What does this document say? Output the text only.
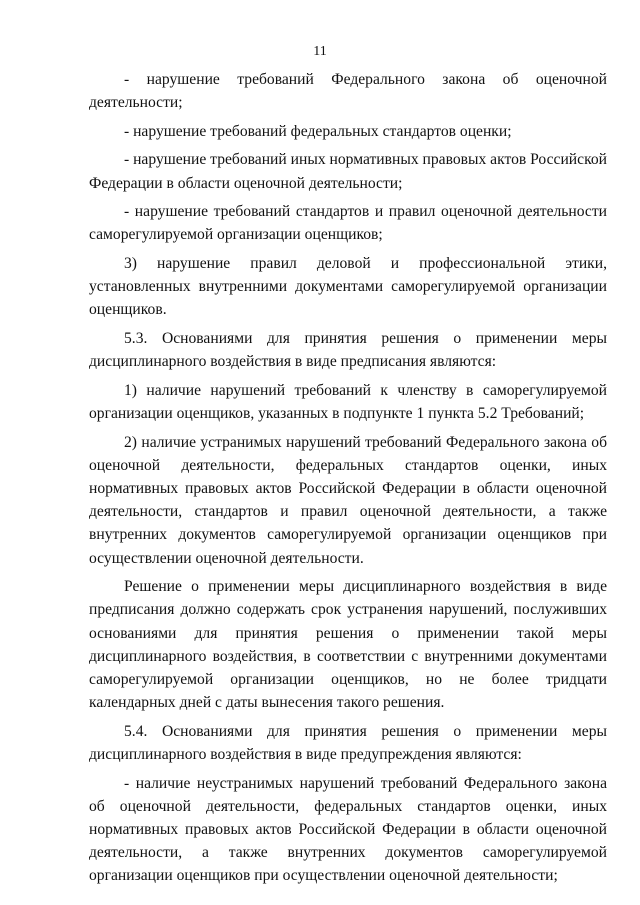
11

- нарушение требований Федерального закона об оценочной деятельности;

- нарушение требований федеральных стандартов оценки;

- нарушение требований иных нормативных правовых актов Российской Федерации в области оценочной деятельности;

- нарушение требований стандартов и правил оценочной деятельности саморегулируемой организации оценщиков;

3) нарушение правил деловой и профессиональной этики, установленных внутренними документами саморегулируемой организации оценщиков.

5.3. Основаниями для принятия решения о применении меры дисциплинарного воздействия в виде предписания являются:

1) наличие нарушений требований к членству в саморегулируемой организации оценщиков, указанных в подпункте 1 пункта 5.2 Требований;

2) наличие устранимых нарушений требований Федерального закона об оценочной деятельности, федеральных стандартов оценки, иных нормативных правовых актов Российской Федерации в области оценочной деятельности, стандартов и правил оценочной деятельности, а также внутренних документов саморегулируемой организации оценщиков при осуществлении оценочной деятельности.

Решение о применении меры дисциплинарного воздействия в виде предписания должно содержать срок устранения нарушений, послуживших основаниями для принятия решения о применении такой меры дисциплинарного воздействия, в соответствии с внутренними документами саморегулируемой организации оценщиков, но не более тридцати календарных дней с даты вынесения такого решения.

5.4. Основаниями для принятия решения о применении меры дисциплинарного воздействия в виде предупреждения являются:

- наличие неустранимых нарушений требований Федерального закона об оценочной деятельности, федеральных стандартов оценки, иных нормативных правовых актов Российской Федерации в области оценочной деятельности, а также внутренних документов саморегулируемой организации оценщиков при осуществлении оценочной деятельности;
